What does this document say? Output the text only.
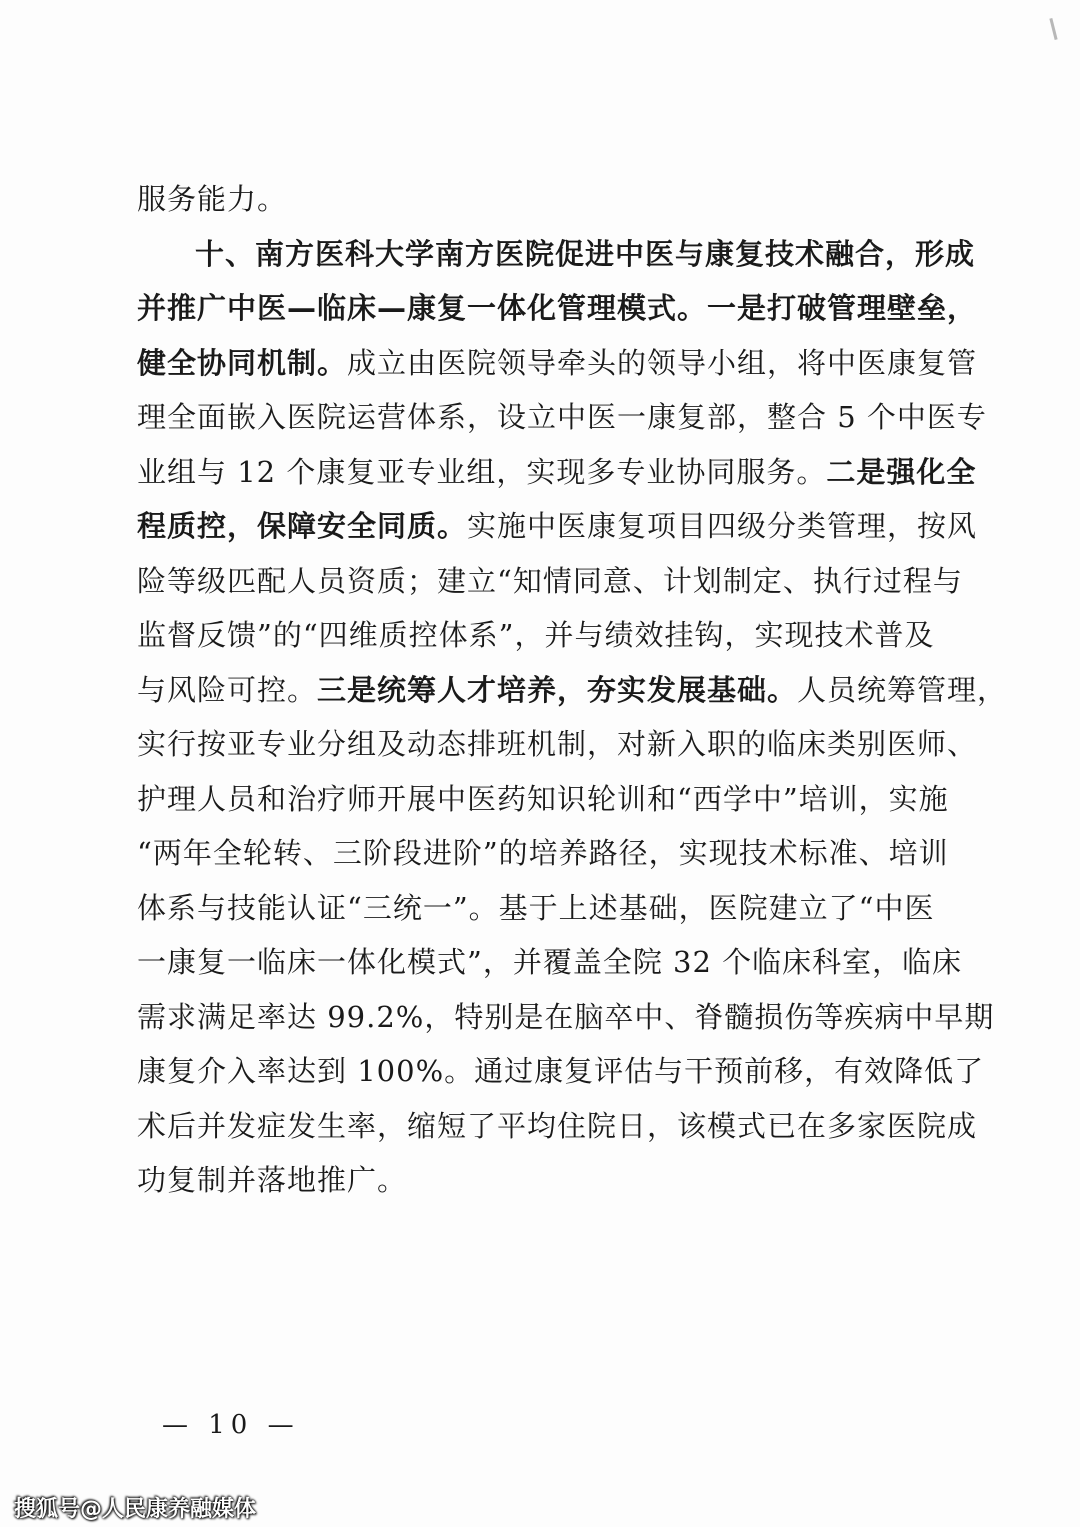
服务能力。
十、南方医科大学南方医院促进中医与康复技术融合，形成
并推广中医—临床—康复一体化管理模式。一是打破管理壁垒，
健全协同机制。成立由医院领导牵头的领导小组，将中医康复管
理全面嵌入医院运营体系，设立中医一康复部，整合 5 个中医专
业组与 12 个康复亚专业组，实现多专业协同服务。二是强化全
程质控，保障安全同质。实施中医康复项目四级分类管理，按风
险等级匹配人员资质；建立“知情同意、计划制定、执行过程与
监督反馈”的“四维质控体系”，并与绩效挂钩，实现技术普及
与风险可控。三是统筹人才培养，夯实发展基础。人员统筹管理，
实行按亚专业分组及动态排班机制，对新入职的临床类别医师、
护理人员和治疗师开展中医药知识轮训和“西学中”培训，实施
“两年全轮转、三阶段进阶”的培养路径，实现技术标准、培训
体系与技能认证“三统一”。基于上述基础，医院建立了“中医
一康复一临床一体化模式”，并覆盖全院 32 个临床科室，临床
需求满足率达 99.2%，特别是在脑卒中、脊髓损伤等疾病中早期
康复介入率达到 100%。通过康复评估与干预前移，有效降低了
术后并发症发生率，缩短了平均住院日，该模式已在多家医院成
功复制并落地推广。
— 10 —
搜狐号@人民康养融媒体
